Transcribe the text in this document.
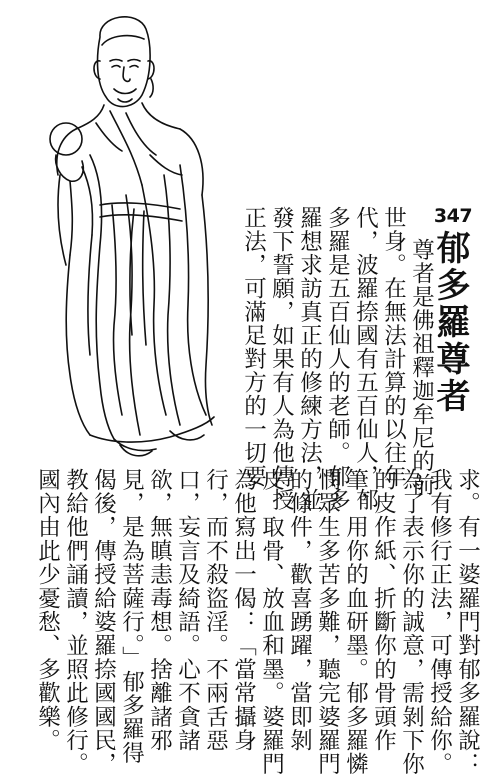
347
郁多羅尊者
尊者是佛祖釋迦牟尼的前
世身。在無法計算的以往年
代，波羅捺國有五百仙人，郁
多羅是五百仙人的老師。郁多
羅想求訪真正的修練方法，並
發下誓願，如果有人為他傳授
正法，可滿足對方的一切要
求。有一婆羅門對郁多羅說：
我有修行正法，可傳授給你。
為了表示你的誠意，需剝下你
的皮作紙、折斷你的骨頭作
筆，用你的血研墨。郁多羅憐
憫眾生多苦多難，聽完婆羅門
的條件，歡喜踴躍，當即剝
皮、取骨、放血和墨。婆羅門
為他寫出一偈：「當常攝身
行，而不殺盜淫。不兩舌惡
口，妄言及綺語。心不貪諸
欲，無瞋恚毒想。捨離諸邪
見，是為菩薩行。」郁多羅得
偈後，傳授給婆羅捺國國民，
教給他們誦讀，並照此修行。
國內由此少憂愁、多歡樂。
